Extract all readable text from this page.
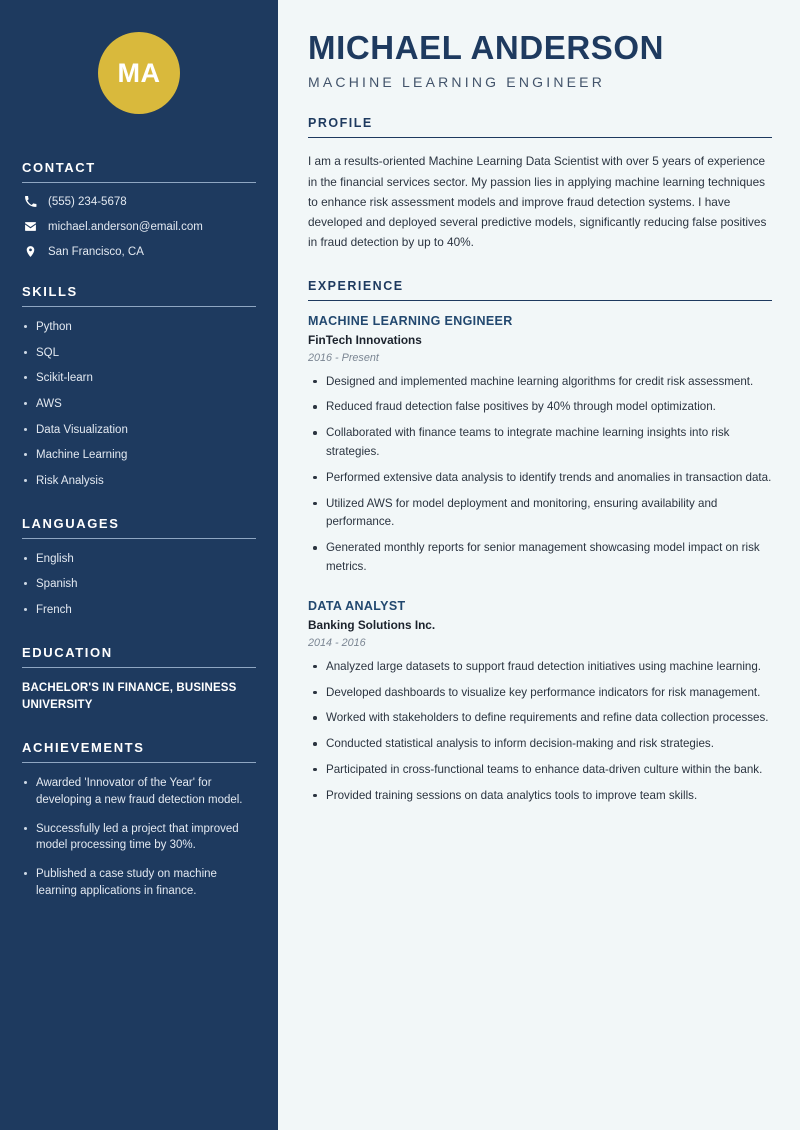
MA
CONTACT
(555) 234-5678
michael.anderson@email.com
San Francisco, CA
SKILLS
Python
SQL
Scikit-learn
AWS
Data Visualization
Machine Learning
Risk Analysis
LANGUAGES
English
Spanish
French
EDUCATION

BACHELOR'S IN FINANCE, BUSINESS UNIVERSITY

ACHIEVEMENTS
Awarded 'Innovator of the Year' for developing a new fraud detection model.
Successfully led a project that improved model processing time by 30%.
Published a case study on machine learning applications in finance.
MICHAEL ANDERSON

MACHINE LEARNING ENGINEER

PROFILE

I am a results-oriented Machine Learning Data Scientist with over 5 years of experience in the financial services sector. My passion lies in applying machine learning techniques to enhance risk assessment models and improve fraud detection systems. I have developed and deployed several predictive models, significantly reducing false positives in fraud detection by up to 40%.

EXPERIENCE
MACHINE LEARNING ENGINEER

FinTech Innovations

2016 - Present

Designed and implemented machine learning algorithms for credit risk assessment.
Reduced fraud detection false positives by 40% through model optimization.
Collaborated with finance teams to integrate machine learning insights into risk strategies.
Performed extensive data analysis to identify trends and anomalies in transaction data.
Utilized AWS for model deployment and monitoring, ensuring availability and performance.
Generated monthly reports for senior management showcasing model impact on risk metrics.
DATA ANALYST

Banking Solutions Inc.

2014 - 2016

Analyzed large datasets to support fraud detection initiatives using machine learning.
Developed dashboards to visualize key performance indicators for risk management.
Worked with stakeholders to define requirements and refine data collection processes.
Conducted statistical analysis to inform decision-making and risk strategies.
Participated in cross-functional teams to enhance data-driven culture within the bank.
Provided training sessions on data analytics tools to improve team skills.
